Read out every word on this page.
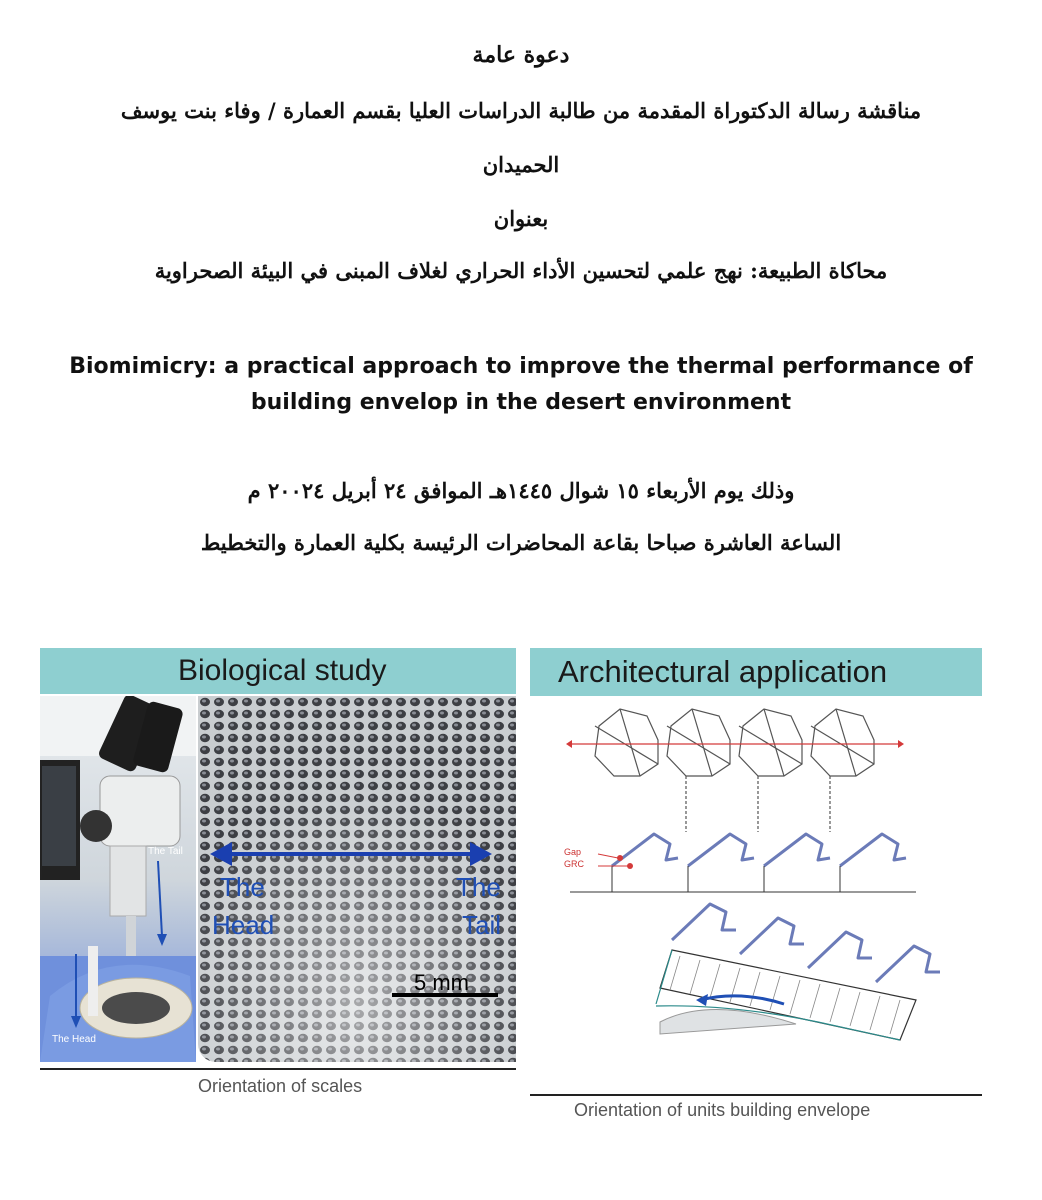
دعوة عامة
مناقشة رسالة الدكتوراة المقدمة من طالبة الدراسات العليا بقسم العمارة / وفاء بنت يوسف
الحميدان
بعنوان
محاكاة الطبيعة: نهج علمي لتحسين الأداء الحراري لغلاف المبنى في البيئة الصحراوية
Biomimicry: a practical approach to improve the thermal performance of
building envelop in the desert environment
وذلك يوم الأربعاء ١٥ شوال ١٤٤٥هـ الموافق ٢٤ أبريل ٢٠٠٢٤ م
الساعة العاشرة صباحا بقاعة المحاضرات الرئيسة بكلية العمارة والتخطيط
Biological study
The Tail
The Head
The
Head
The
Tail
5 mm
Orientation of scales
Architectural application
Gap
GRC
Orientation of units building envelope
